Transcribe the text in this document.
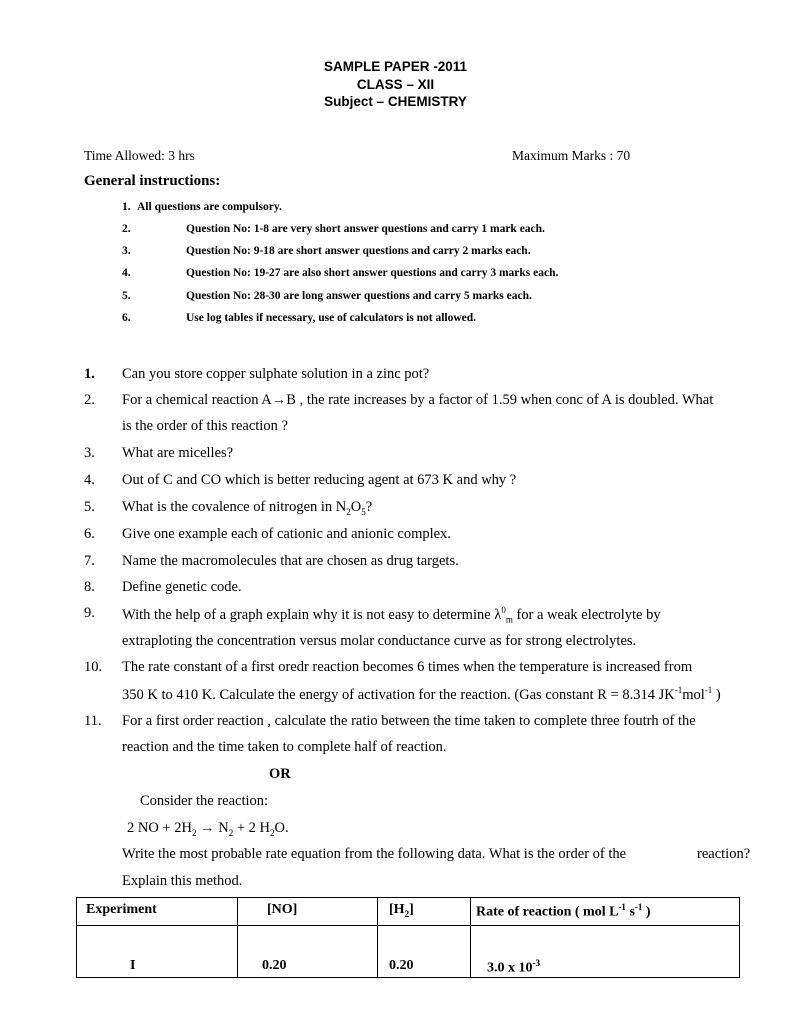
SAMPLE PAPER -2011
CLASS – XII
Subject – CHEMISTRY
Time Allowed: 3 hrs	Maximum Marks : 70
General instructions:
1. All questions are compulsory.
2.	Question No: 1-8 are very short answer questions and carry 1 mark each.
3.	Question No: 9-18 are short answer questions and carry 2 marks each.
4.	Question No: 19-27 are also short answer questions and carry 3 marks each.
5.	Question No: 28-30 are long answer questions and carry 5 marks each.
6.	Use log tables if necessary, use of calculators is not allowed.
1. Can you store copper sulphate solution in a zinc pot?
2. For a chemical reaction A→B , the rate increases by a factor of 1.59 when conc of A is doubled. What
is the order of this reaction ?
3. What are micelles?
4. Out of C and CO which is better reducing agent at 673 K and why ?
5. What is the covalence of nitrogen in $N_2O_5$?
6. Give one example each of cationic and anionic complex.
7. Name the macromolecules that are chosen as drug targets.
8. Define genetic code.
9. With the help of a graph explain why it is not easy to determine $\lambda^0_m$ for a weak electrolyte by
extraploting the concentration versus molar conductance curve as for strong electrolytes.
10. The rate constant of a first oredr reaction becomes 6 times when the temperature is increased from
350 K to 410 K. Calculate the energy of activation for the reaction. (Gas constant R = 8.314 $JK^{-1}mol^{-1}$ )
11. For a first order reaction , calculate the ratio between the time taken to complete three foutrh of the
reaction and the time taken to complete half of reaction.
OR
Consider the reaction:
2 NO + $2H_2 \to N_2 + 2$ $H_2O$.
Write the most probable rate equation from the following data. What is the order of the	reaction?
Explain this method.
Experiment	[NO]	$[H_2]$	Rate of reaction ( mol $L^{-1}$ $s^{-1}$ )

I	0.20	0.20	3.0 x $10^{-3}$
